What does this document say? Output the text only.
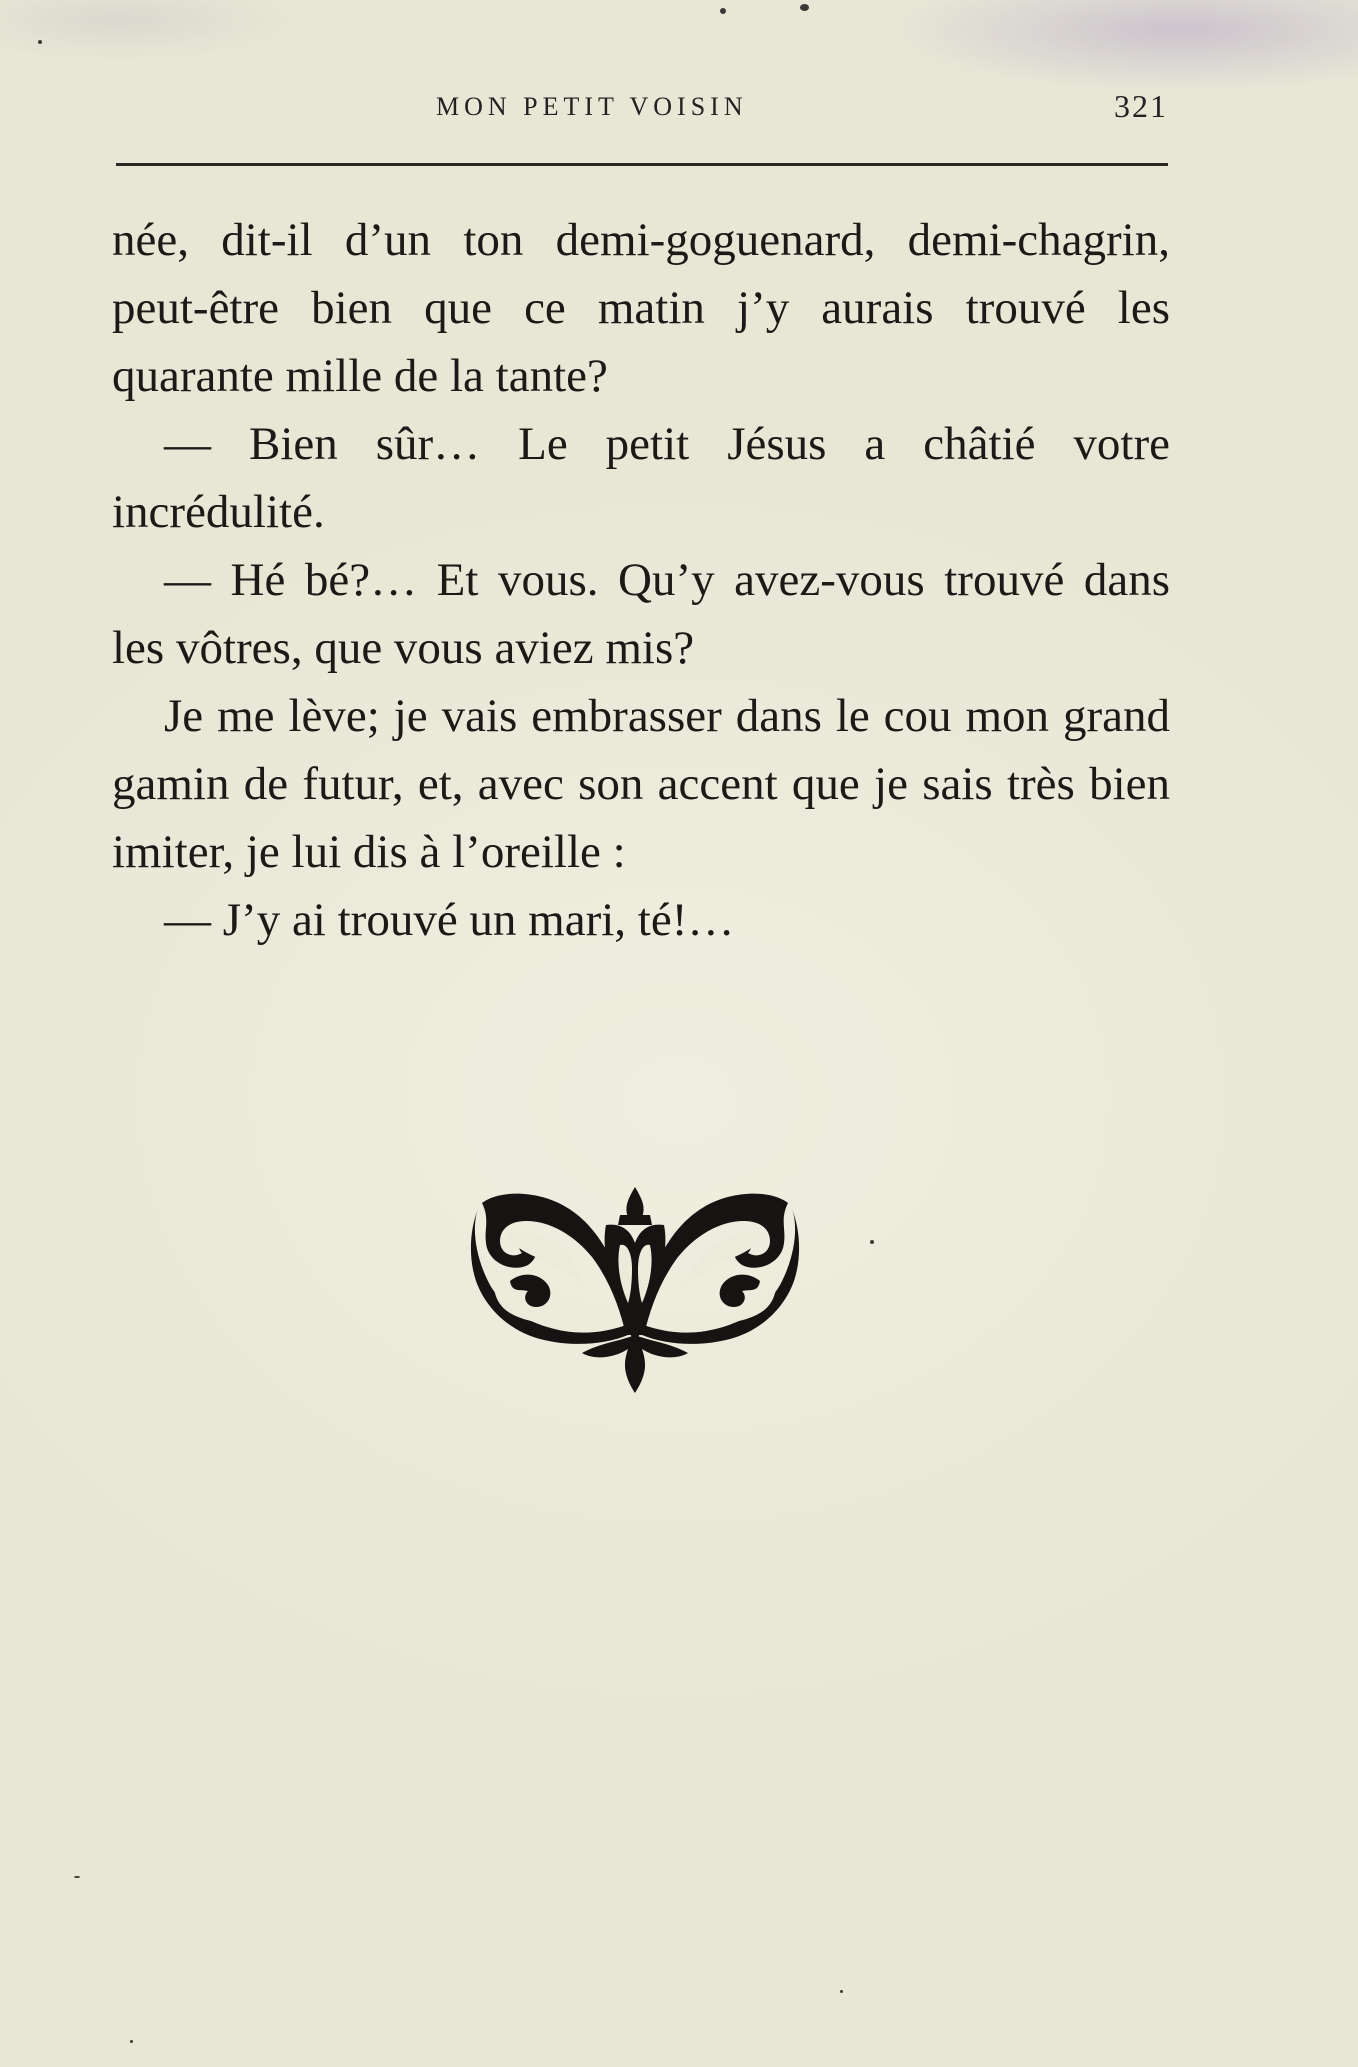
MON PETIT VOISIN	321

née, dit-il d’un ton demi-goguenard, demi-chagrin, peut-être bien que ce matin j’y aurais trouvé les quarante mille de la tante?

— Bien sûr… Le petit Jésus a châtié votre incrédulité.

— Hé bé?… Et vous. Qu’y avez-vous trouvé dans les vôtres, que vous aviez mis?

Je me lève; je vais embrasser dans le cou mon grand gamin de futur, et, avec son accent que je sais très bien imiter, je lui dis à l’oreille :

— J’y ai trouvé un mari, té!…
